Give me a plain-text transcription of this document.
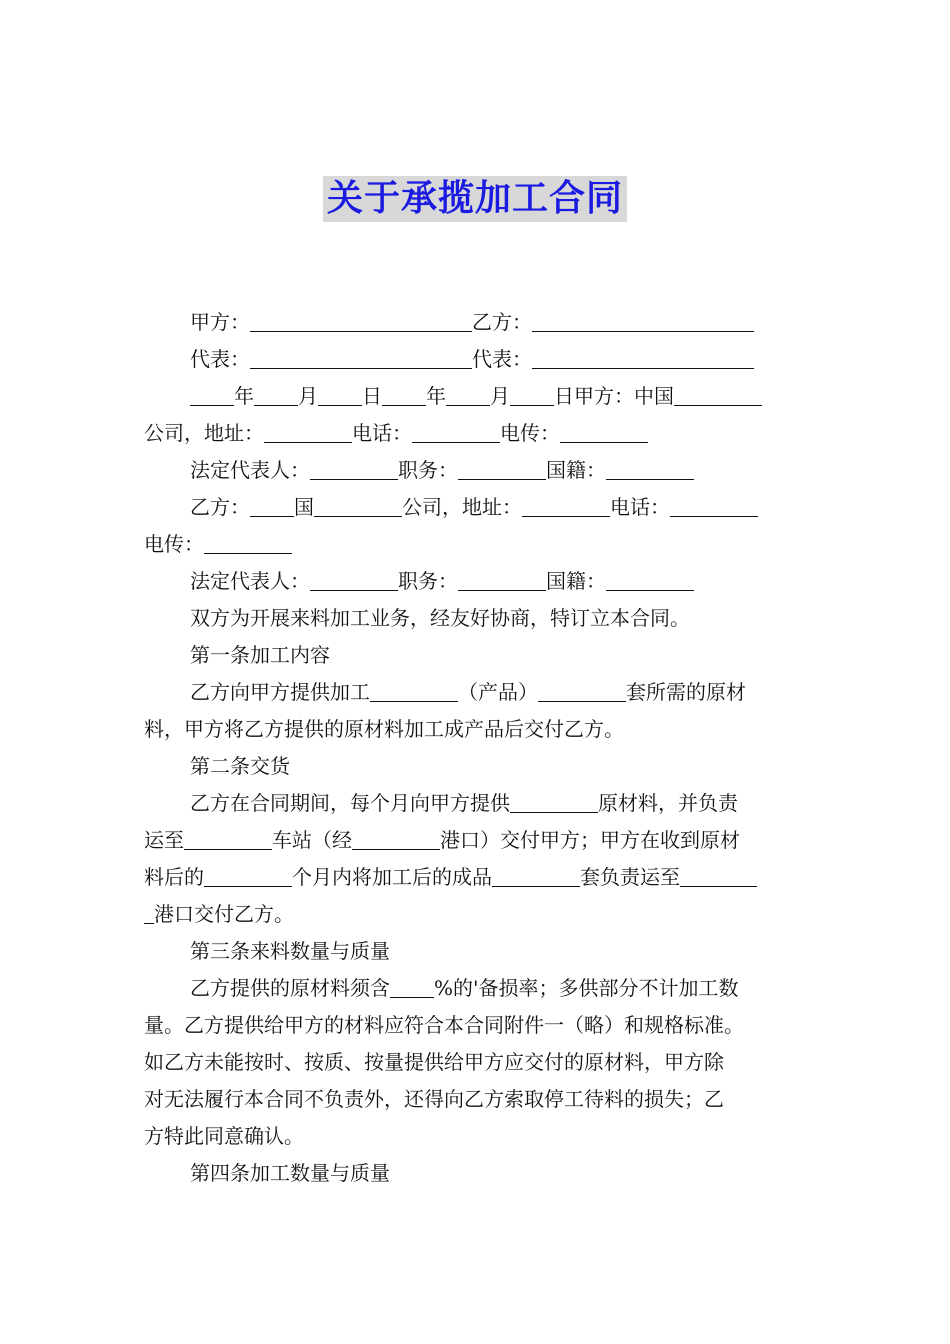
关于承揽加工合同
甲方：	乙方：
代表：	代表：
年 月 日 年 月 日甲方：中国
公司，地址：	电话：	电传：
法定代表人：	职务：	国籍：
乙方： 国	公司，地址：	电话：
电传：
法定代表人：	职务：	国籍：
双方为开展来料加工业务，经友好协商，特订立本合同。
第一条加工内容
乙方向甲方提供加工	（产品）	套所需的原材
料，甲方将乙方提供的原材料加工成产品后交付乙方。
第二条交货
乙方在合同期间，每个月向甲方提供	原材料，并负责
运至	车站（经	港口）交付甲方；甲方在收到原材
料后的	个月内将加工后的成品	套负责运至
港口交付乙方。
第三条来料数量与质量
乙方提供的原材料须含 %的'备损率；多供部分不计加工数
量。乙方提供给甲方的材料应符合本合同附件一（略）和规格标准。
如乙方未能按时、按质、按量提供给甲方应交付的原材料，甲方除
对无法履行本合同不负责外，还得向乙方索取停工待料的损失；乙
方特此同意确认。
第四条加工数量与质量
